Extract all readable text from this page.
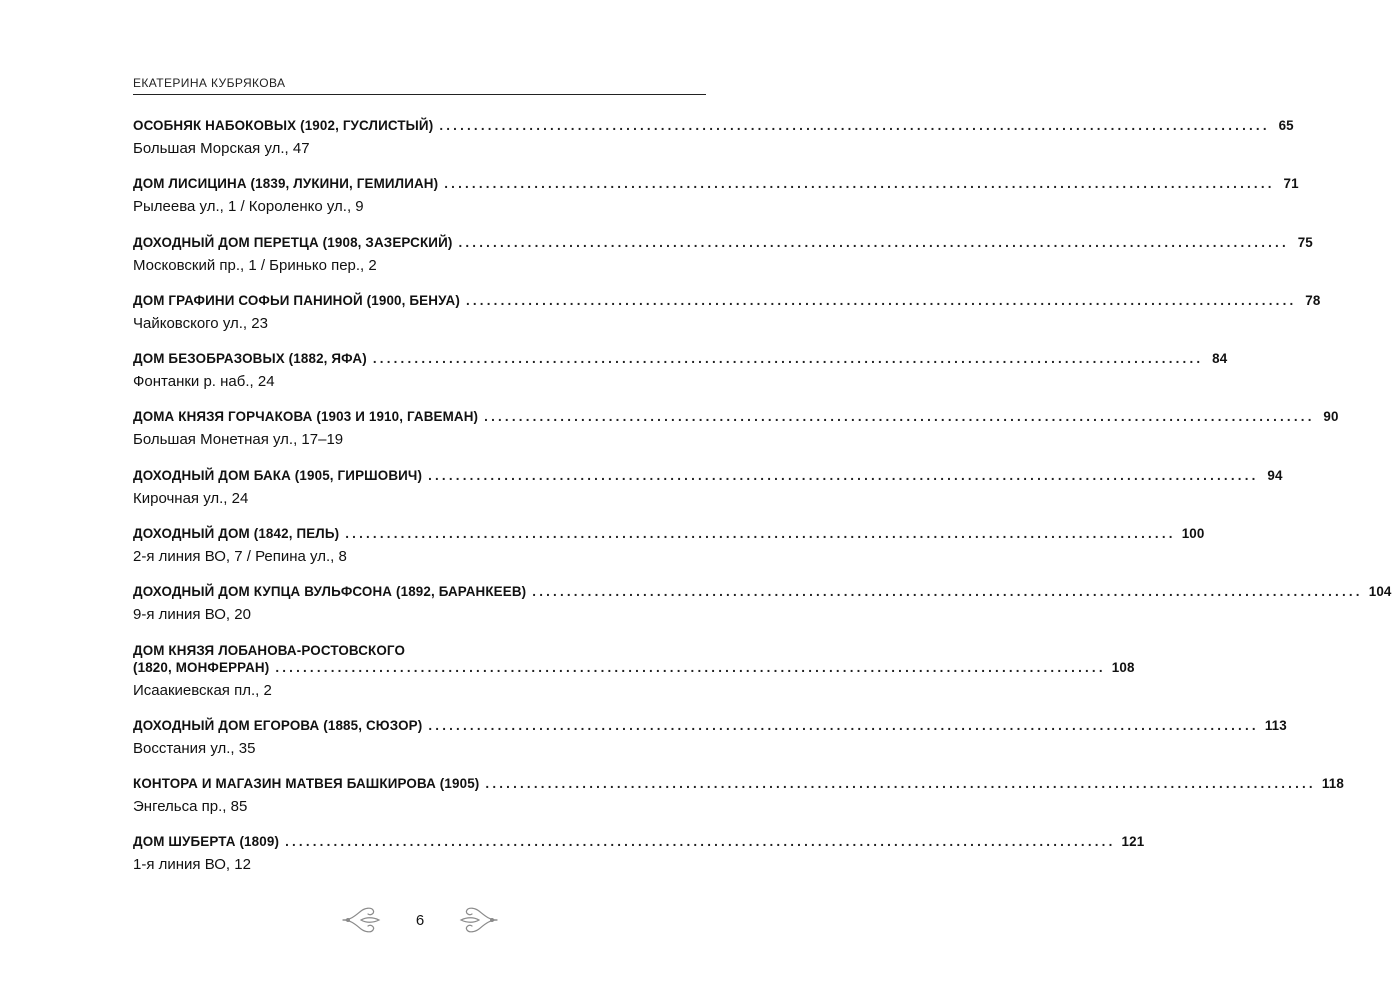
ЕКАТЕРИНА КУБРЯКОВА
ОСОБНЯК НАБОКОВЫХ (1902, ГУСЛИСТЫЙ) ........................................................................................................................ 65
Большая Морская ул., 47
ДОМ ЛИСИЦИНА (1839, ЛУКИНИ, ГЕМИЛИАН) ........................................................................................................................ 71
Рылеева ул., 1 / Короленко ул., 9
ДОХОДНЫЙ ДОМ ПЕРЕТЦА (1908, ЗАЗЕРСКИЙ) ........................................................................................................................ 75
Московский пр., 1 / Бринько пер., 2
ДОМ ГРАФИНИ СОФЬИ ПАНИНОЙ (1900, БЕНУА) ........................................................................................................................ 78
Чайковского ул., 23
ДОМ БЕЗОБРАЗОВЫХ (1882, ЯФА) ........................................................................................................................ 84
Фонтанки р. наб., 24
ДОМА КНЯЗЯ ГОРЧАКОВА (1903 И 1910, ГАВЕМАН) ........................................................................................................................ 90
Большая Монетная ул., 17–19
ДОХОДНЫЙ ДОМ БАКА (1905, ГИРШОВИЧ) ........................................................................................................................ 94
Кирочная ул., 24
ДОХОДНЫЙ ДОМ (1842, ПЕЛЬ) ........................................................................................................................ 100
2-я линия ВО, 7 / Репина ул., 8
ДОХОДНЫЙ ДОМ КУПЦА ВУЛЬФСОНА (1892, БАРАНКЕЕВ) ........................................................................................................................ 104
9-я линия ВО, 20
ДОМ КНЯЗЯ ЛОБАНОВА-РОСТОВСКОГО
(1820, МОНФЕРРАН) ........................................................................................................................ 108
Исаакиевская пл., 2
ДОХОДНЫЙ ДОМ ЕГОРОВА (1885, СЮЗОР) ........................................................................................................................ 113
Восстания ул., 35
КОНТОРА И МАГАЗИН МАТВЕЯ БАШКИРОВА (1905) ........................................................................................................................ 118
Энгельса пр., 85
ДОМ ШУБЕРТА (1809) ........................................................................................................................ 121
1-я линия ВО, 12
6
